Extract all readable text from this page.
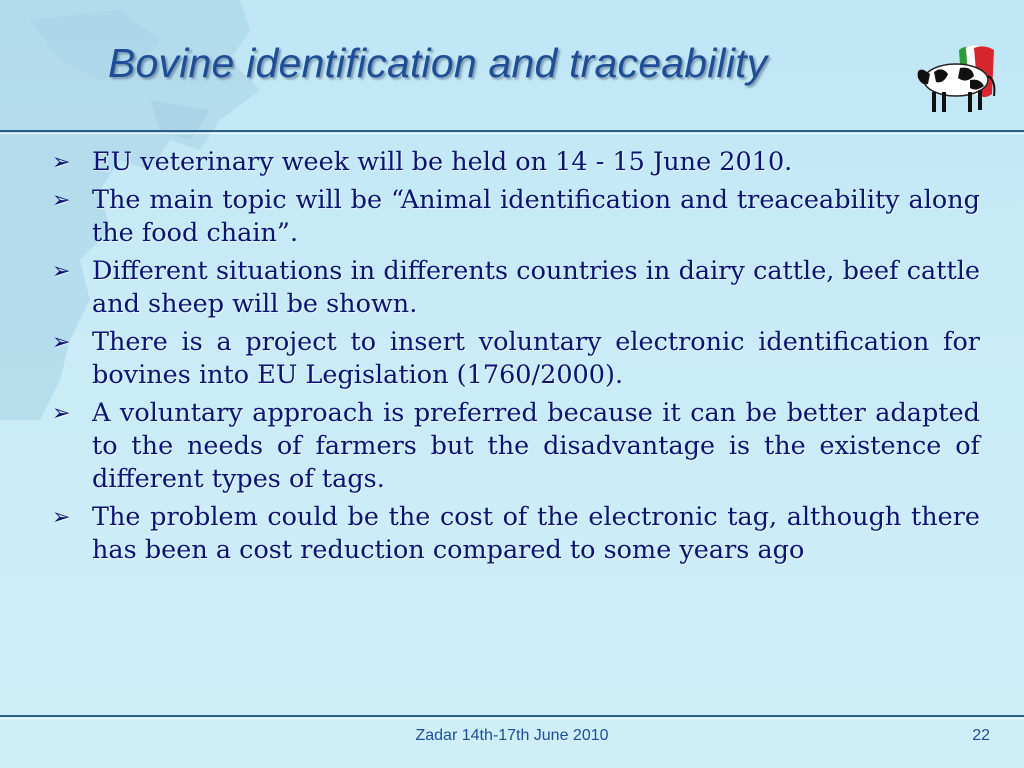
Bovine identification and traceability
➢ EU veterinary week will be held on 14 - 15 June 2010.
➢ The main topic will be “Animal identification and treaceability along the food chain”.
➢ Different situations in differents countries in dairy cattle, beef cattle and sheep will be shown.
➢ There is a project to insert voluntary electronic identification for bovines into EU Legislation (1760/2000).
➢ A voluntary approach is preferred because it can be better adapted to the needs of farmers but the disadvantage is the existence of different types of tags.
➢ The problem could be the cost of the electronic tag, although there has been a cost reduction compared to some years ago
Zadar 14th-17th June 2010	22
